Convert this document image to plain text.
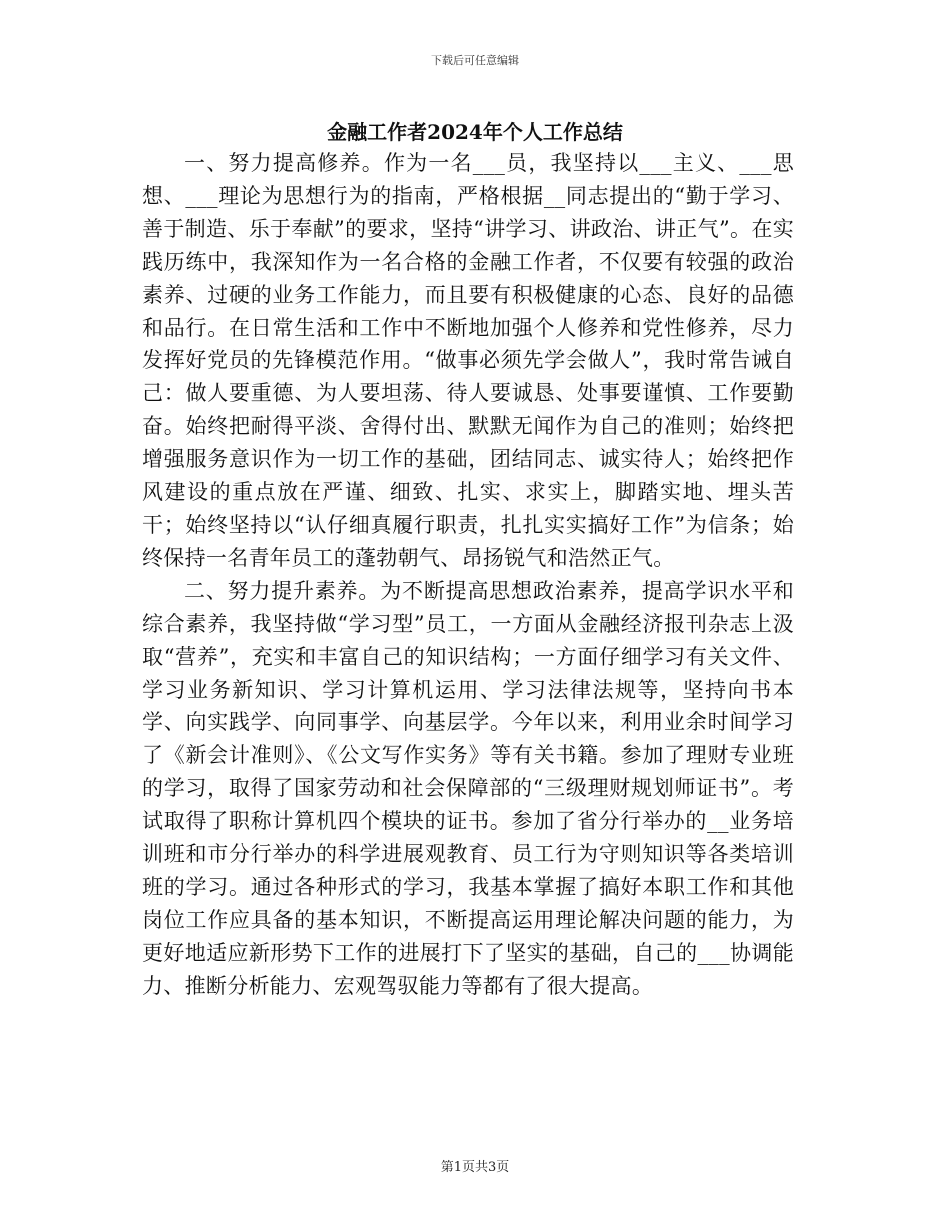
下载后可任意编辑
金融工作者2024年个人工作总结

一、努力提高修养。作为一名___员，我坚持以___主义、___思想、___理论为思想行为的指南，严格根据__同志提出的“勤于学习、善于制造、乐于奉献”的要求，坚持“讲学习、讲政治、讲正气”。在实践历练中，我深知作为一名合格的金融工作者，不仅要有较强的政治素养、过硬的业务工作能力，而且要有积极健康的心态、良好的品德和品行。在日常生活和工作中不断地加强个人修养和党性修养，尽力发挥好党员的先锋模范作用。“做事必须先学会做人”，我时常告诫自己：做人要重德、为人要坦荡、待人要诚恳、处事要谨慎、工作要勤奋。始终把耐得平淡、舍得付出、默默无闻作为自己的准则；始终把增强服务意识作为一切工作的基础，团结同志、诚实待人；始终把作风建设的重点放在严谨、细致、扎实、求实上，脚踏实地、埋头苦干；始终坚持以“认仔细真履行职责，扎扎实实搞好工作”为信条；始终保持一名青年员工的蓬勃朝气、昂扬锐气和浩然正气。

二、努力提升素养。为不断提高思想政治素养，提高学识水平和综合素养，我坚持做“学习型”员工，一方面从金融经济报刊杂志上汲取“营养”，充实和丰富自己的知识结构；一方面仔细学习有关文件、学习业务新知识、学习计算机运用、学习法律法规等，坚持向书本学、向实践学、向同事学、向基层学。今年以来，利用业余时间学习了《新会计准则》、《公文写作实务》等有关书籍。参加了理财专业班的学习，取得了国家劳动和社会保障部的“三级理财规划师证书”。考试取得了职称计算机四个模块的证书。参加了省分行举办的__业务培训班和市分行举办的科学进展观教育、员工行为守则知识等各类培训班的学习。通过各种形式的学习，我基本掌握了搞好本职工作和其他岗位工作应具备的基本知识，不断提高运用理论解决问题的能力，为更好地适应新形势下工作的进展打下了坚实的基础，自己的___协调能力、推断分析能力、宏观驾驭能力等都有了很大提高。

第1页共3页
